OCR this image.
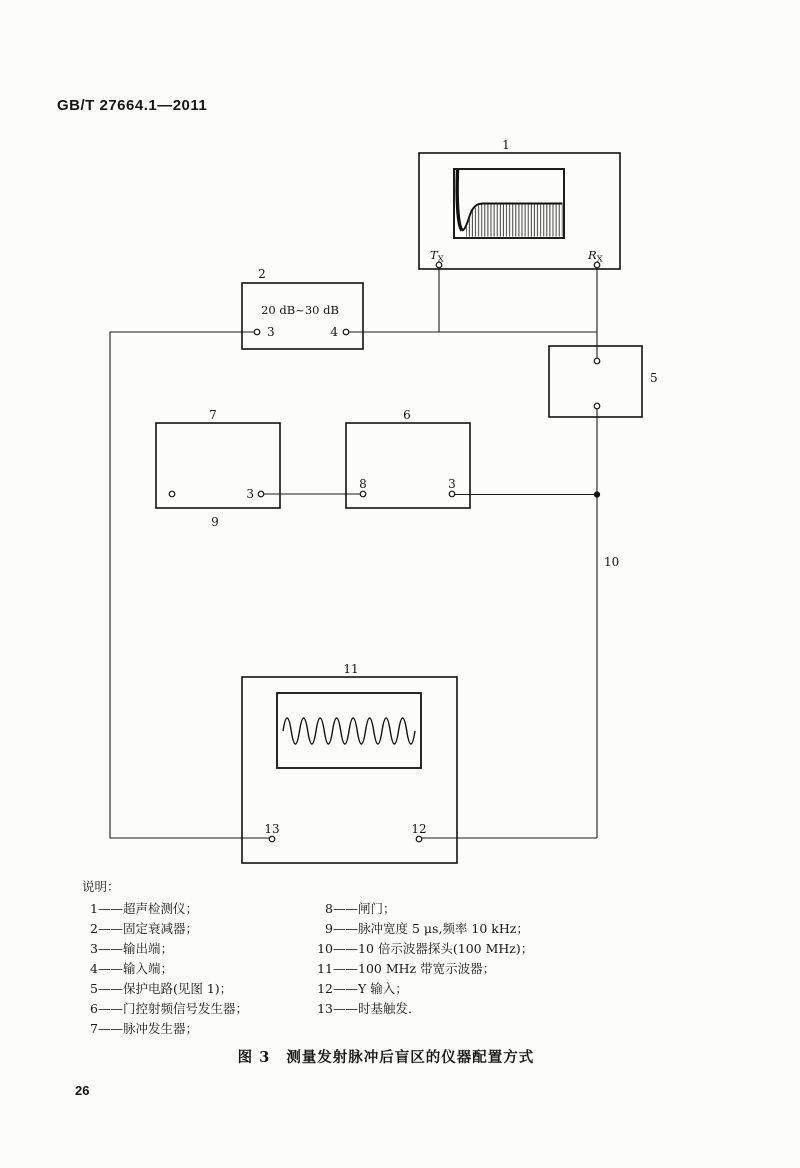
GB/T 27664.1—2011
1
2
20 dB~30 dB
3	4
5
7
9
3
6
8	3
11
13	12
10
$T_X$	$R_X$
说明：
1——超声检测仪；
2——固定衰减器；
3——输出端；
4——输入端；
5——保护电路(见图 1)；
6——门控射频信号发生器；
7——脉冲发生器；
8——闸门；
9——脉冲宽度 5 μs,频率 10 kHz；
10——10 倍示波器探头(100 MHz)；
11——100 MHz 带宽示波器；
12——Y 输入；
13——时基触发.
图 3 测量发射脉冲后盲区的仪器配置方式
26
